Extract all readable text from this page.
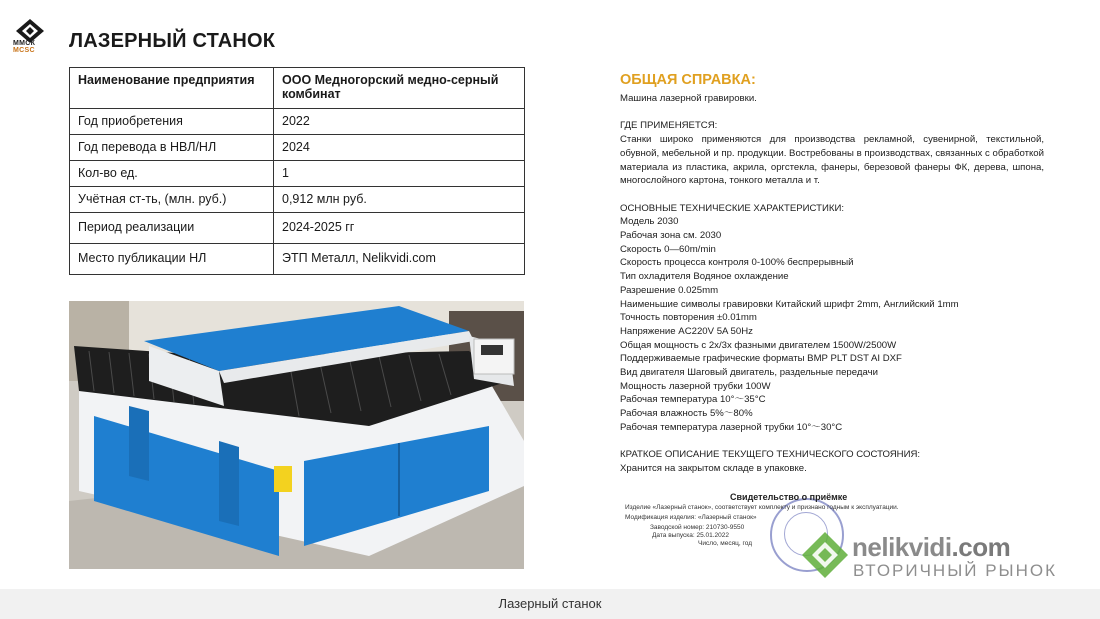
ММСК
MCSC ЛАЗЕРНЫЙ СТАНОК
Наименование предприятия	ООО Медногорский медно-серный комбинат
Год приобретения	2022
Год перевода в НВЛ/НЛ	2024
Кол-во ед.	1
Учётная ст-ть, (млн. руб.)	0,912 млн руб.
Период реализации	2024-2025 гг
Место публикации НЛ	ЭТП Металл, Nelikvidi.com
ОБЩАЯ СПРАВКА:

Машина лазерной гравировки.

ГДЕ ПРИМЕНЯЕТСЯ:

Станки широко применяются для производства рекламной, сувенирной, текстильной, обувной, мебельной и пр. продукции. Востребованы в производствах, связанных с обработкой материала из пластика, акрила, оргстекла, фанеры, березовой фанеры ФК, дерева, шпона, многослойного картона, тонкого металла и т.

ОСНОВНЫЕ ТЕХНИЧЕСКИЕ ХАРАКТЕРИСТИКИ:

Модель 2030

Рабочая зона см. 2030

Скорость 0—60m/min

Скорость процесса контроля 0-100% беспрерывный

Тип охладителя Водяное охлаждение

Разрешение 0.025mm

Наименьшие символы гравировки Китайский шрифт 2mm, Английский 1mm

Точность повторения ±0.01mm

Напряжение AC220V 5A 50Hz

Общая мощность с 2х/3х фазными двигателем 1500W/2500W

Поддерживаемые графические форматы BMP PLT DST AI DXF

Вид двигателя Шаговый двигатель, раздельные передачи

Мощность лазерной трубки 100W

Рабочая температура 10°〜35°C

Рабочая влажность 5%〜80%

Рабочая температура лазерной трубки 10°〜30°C

КРАТКОЕ ОПИСАНИЕ ТЕКУЩЕГО ТЕХНИЧЕСКОГО СОСТОЯНИЯ:

Хранится на закрытом складе в упаковке.

Свидетельство о приёмке
Изделие «Лазерный станок», соответствует комплекту и признано годным к эксплуатации.
Модификация изделия: «Лазерный станок»
Заводской номер: 210730-9550
Дата выпуска: 25.01.2022
Число, месяц, год	nelikvidi.com
ВТОРИЧНЫЙ РЫНОК
Лазерный станок
